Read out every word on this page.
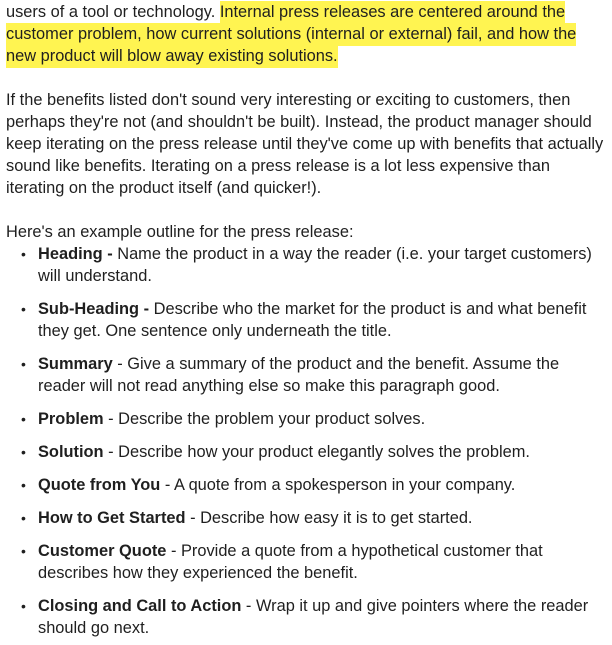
users of a tool or technology. Internal press releases are centered around the customer problem, how current solutions (internal or external) fail, and how the new product will blow away existing solutions.

If the benefits listed don't sound very interesting or exciting to customers, then perhaps they're not (and shouldn't be built). Instead, the product manager should keep iterating on the press release until they've come up with benefits that actually sound like benefits. Iterating on a press release is a lot less expensive than iterating on the product itself (and quicker!).

Here's an example outline for the press release:

• Heading - Name the product in a way the reader (i.e. your target customers) will understand.
• Sub-Heading - Describe who the market for the product is and what benefit they get. One sentence only underneath the title.
• Summary - Give a summary of the product and the benefit. Assume the reader will not read anything else so make this paragraph good.
• Problem - Describe the problem your product solves.
• Solution - Describe how your product elegantly solves the problem.
• Quote from You - A quote from a spokesperson in your company.
• How to Get Started - Describe how easy it is to get started.
• Customer Quote - Provide a quote from a hypothetical customer that describes how they experienced the benefit.
• Closing and Call to Action - Wrap it up and give pointers where the reader should go next.
